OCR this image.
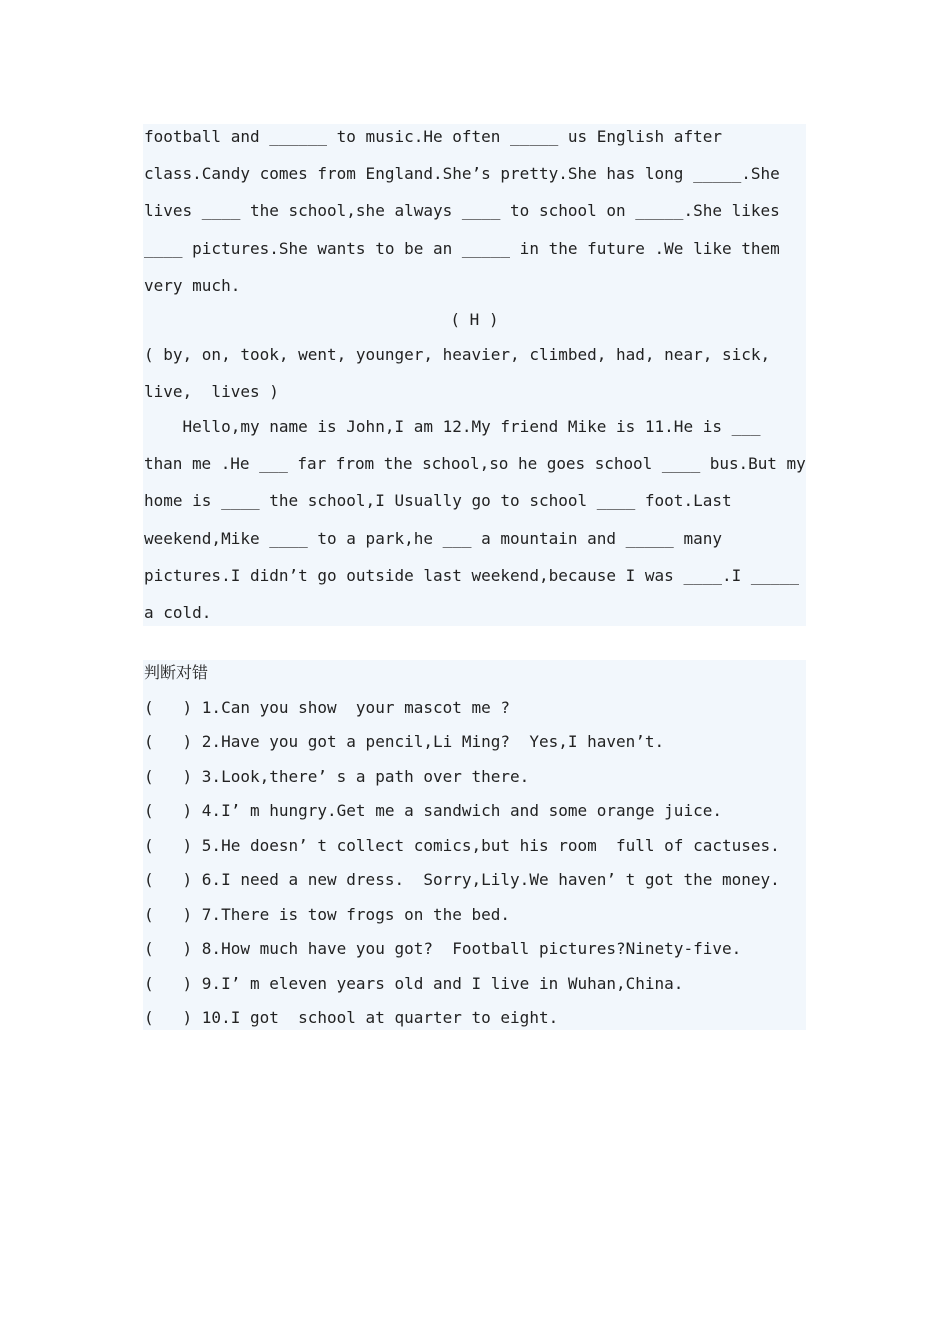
football and ______ to music.He often _____ us English after
class.Candy comes from England.She’s pretty.She has long _____.She
lives ____ the school,she always ____ to school on _____.She likes
____ pictures.She wants to be an _____ in the future .We like them
very much.
( H )
( by, on, took, went, younger, heavier, climbed, had, near, sick,
live,  lives )
Hello,my name is John,I am 12.My friend Mike is 11.He is ___
than me .He ___ far from the school,so he goes school ____ bus.But my
home is ____ the school,I Usually go to school ____ foot.Last
weekend,Mike ____ to a park,he ___ a mountain and _____ many
pictures.I didn’t go outside last weekend,because I was ____.I _____
a cold.
判断对错
(   ) 1.Can you show  your mascot me ?
(   ) 2.Have you got a pencil,Li Ming?  Yes,I haven’t.
(   ) 3.Look,there’ s a path over there.
(   ) 4.I’ m hungry.Get me a sandwich and some orange juice.
(   ) 5.He doesn’ t collect comics,but his room  full of cactuses.
(   ) 6.I need a new dress.  Sorry,Lily.We haven’ t got the money.
(   ) 7.There is tow frogs on the bed.
(   ) 8.How much have you got?  Football pictures?Ninety-five.
(   ) 9.I’ m eleven years old and I live in Wuhan,China.
(   ) 10.I got  school at quarter to eight.
